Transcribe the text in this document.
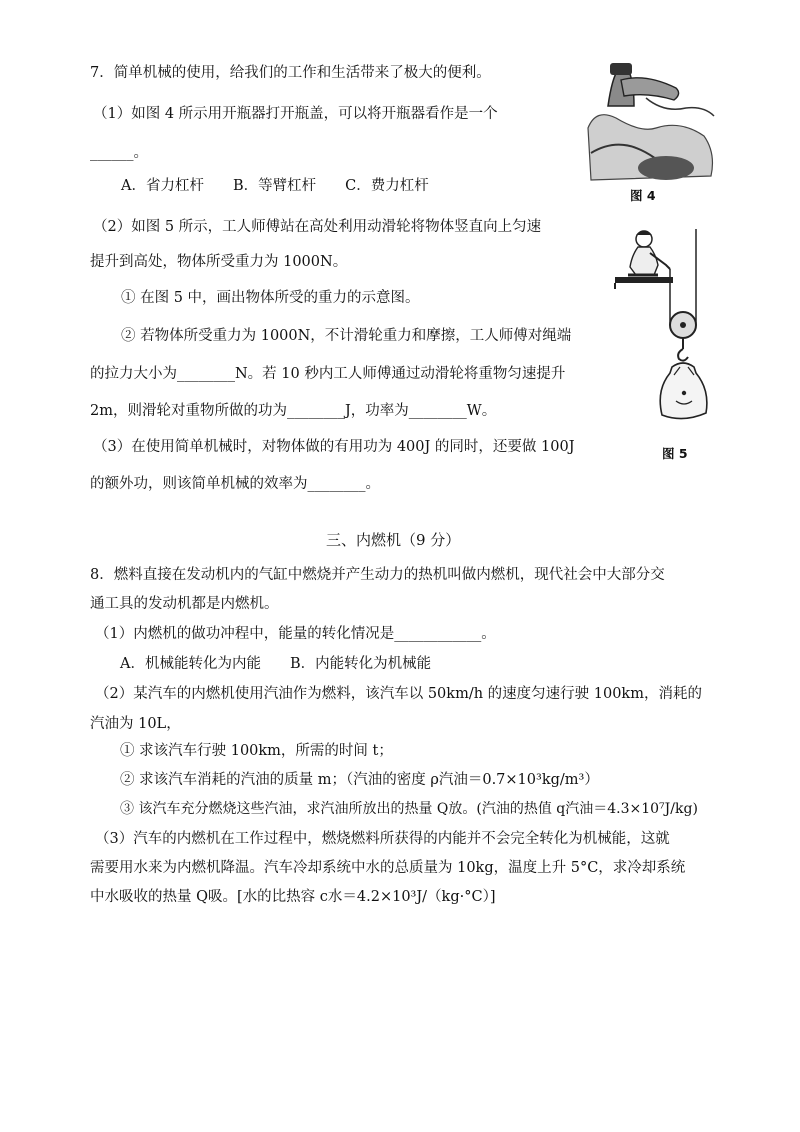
7．简单机械的使用，给我们的工作和生活带来了极大的便利。
（1）如图 4 所示用开瓶器打开瓶盖，可以将开瓶器看作是一个
______。
A．省力杠杆　　B．等臂杠杆　　C．费力杠杆
（2）如图 5 所示，工人师傅站在高处利用动滑轮将物体竖直向上匀速
提升到高处，物体所受重力为 1000N。
① 在图 5 中，画出物体所受的重力的示意图。
② 若物体所受重力为 1000N，不计滑轮重力和摩擦，工人师傅对绳端
的拉力大小为________N。若 10 秒内工人师傅通过动滑轮将重物匀速提升
2m，则滑轮对重物所做的功为________J，功率为________W。
（3）在使用简单机械时，对物体做的有用功为 400J 的同时，还要做 100J
的额外功，则该简单机械的效率为________。
图 4
图 5
三、内燃机（9 分）
8．燃料直接在发动机内的气缸中燃烧并产生动力的热机叫做内燃机，现代社会中大部分交
通工具的发动机都是内燃机。
（1）内燃机的做功冲程中，能量的转化情况是____________。
A．机械能转化为内能　　B．内能转化为机械能
（2）某汽车的内燃机使用汽油作为燃料，该汽车以 50km/h 的速度匀速行驶 100km，消耗的
汽油为 10L，
① 求该汽车行驶 100km，所需的时间 t；
② 求该汽车消耗的汽油的质量 m；（汽油的密度 ρ汽油＝0.7×10³kg/m³）
③ 该汽车充分燃烧这些汽油，求汽油所放出的热量 Q放。(汽油的热值 q汽油＝4.3×10⁷J/kg)
（3）汽车的内燃机在工作过程中，燃烧燃料所获得的内能并不会完全转化为机械能，这就
需要用水来为内燃机降温。汽车冷却系统中水的总质量为 10kg，温度上升 5°C，求冷却系统
中水吸收的热量 Q吸。[水的比热容 c水＝4.2×10³J/（kg·°C）]
